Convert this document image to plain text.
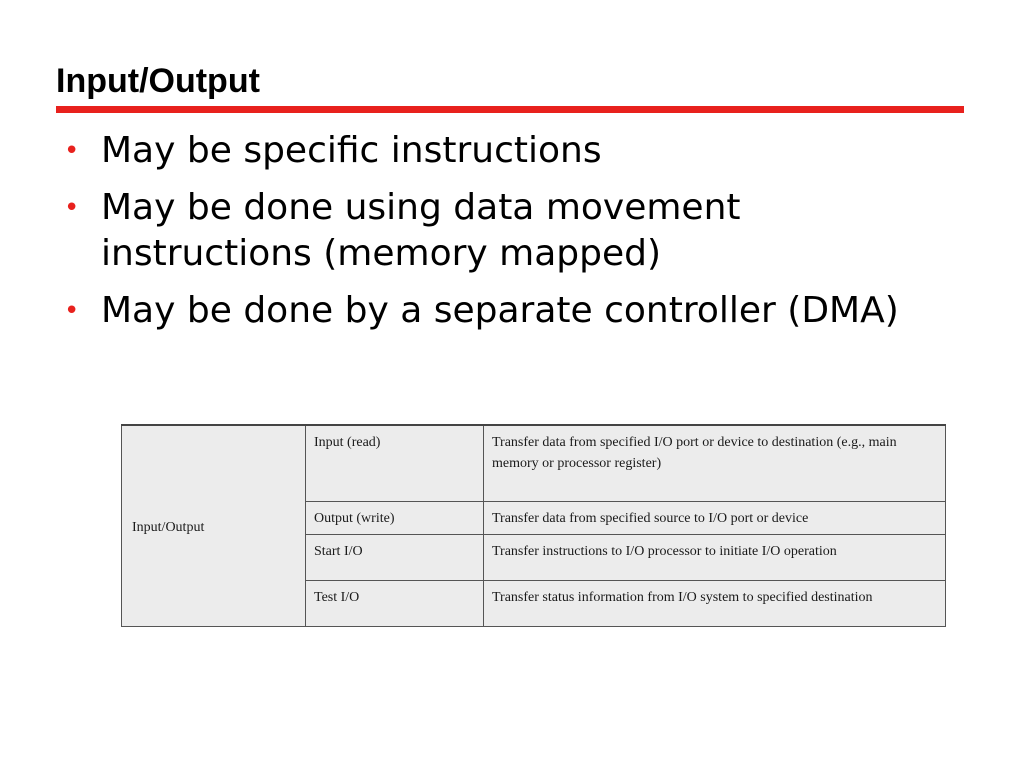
Input/Output
• May be specific instructions
• May be done using data movement instructions (memory mapped)
• May be done by a separate controller (DMA)
Input/Output	Input (read)	Transfer data from specified I/O port or device to destination (e.g., main memory or processor register)
	Output (write)	Transfer data from specified source to I/O port or device
	Start I/O	Transfer instructions to I/O processor to initiate I/O operation
	Test I/O	Transfer status information from I/O system to specified destination
